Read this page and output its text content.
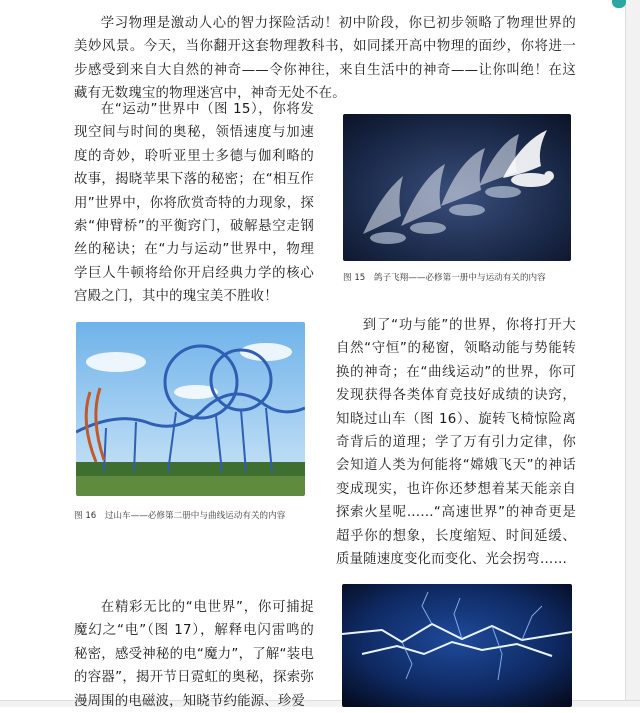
学习物理是激动人心的智力探险活动！初中阶段，你已初步领略了物理世界的美妙风景。今天，当你翻开这套物理教科书，如同揉开高中物理的面纱，你将进一步感受到来自大自然的神奇——令你神往，来自生活中的神奇——让你叫绝！在这藏有无数瑰宝的物理迷宫中，神奇无处不在。

在“运动”世界中（图 15），你将发现空间与时间的奥秘，领悟速度与加速度的奇妙，聆听亚里士多德与伽利略的故事，揭晓苹果下落的秘密；在“相互作用”世界中，你将欣赏奇特的力现象，探索“伸臂桥”的平衡窍门，破解悬空走钢丝的秘诀；在“力与运动”世界中，物理学巨人牛顿将给你开启经典力学的核心宫殿之门，其中的瑰宝美不胜收！

图 15　鸽子飞翔——必修第一册中与运动有关的内容
图 16　过山车——必修第二册中与曲线运动有关的内容

到了“功与能”的世界，你将打开大自然“守恒”的秘窗，领略动能与势能转换的神奇；在“曲线运动”的世界，你可发现获得各类体育竞技好成绩的诀窍，知晓过山车（图 16）、旋转飞椅惊险离奇背后的道理；学了万有引力定律，你会知道人类为何能将“嫦娥飞天”的神话变成现实，也许你还梦想着某天能亲自探索火星呢……“高速世界”的神奇更是超乎你的想象，长度缩短、时间延缓、质量随速度变化而变化、光会拐弯……

在精彩无比的“电世界”，你可捕捉魔幻之“电”（图 17），解释电闪雷鸣的秘密，感受神秘的电“魔力”，了解“装电的容器”，揭开节日霓虹的奥秘，探索弥漫周围的电磁波，知晓节约能源、珍爱
